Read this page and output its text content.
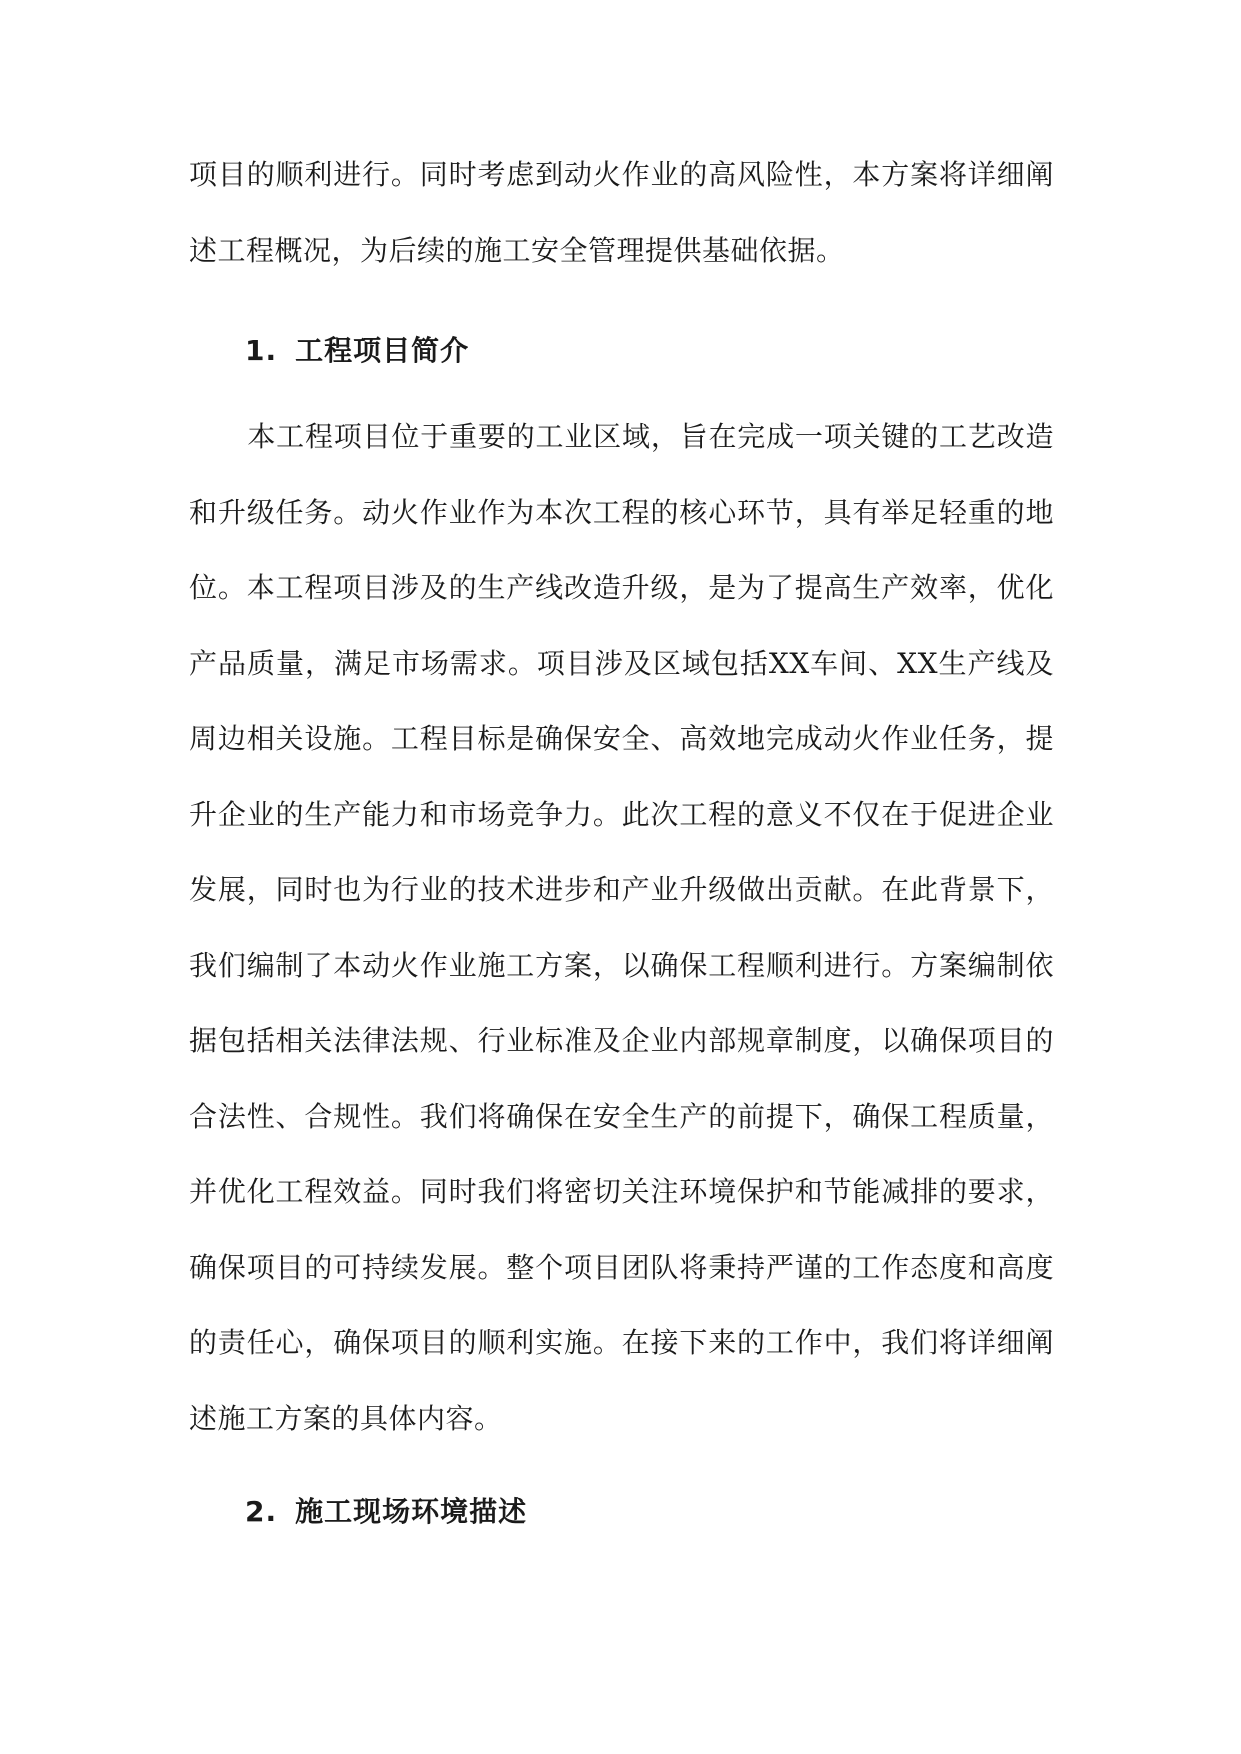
项目的顺利进行。同时考虑到动火作业的高风险性，本方案将详细阐述工程概况，为后续的施工安全管理提供基础依据。
1. 工程项目简介
本工程项目位于重要的工业区域，旨在完成一项关键的工艺改造和升级任务。动火作业作为本次工程的核心环节，具有举足轻重的地位。本工程项目涉及的生产线改造升级，是为了提高生产效率，优化产品质量，满足市场需求。项目涉及区域包括XX车间、XX生产线及周边相关设施。工程目标是确保安全、高效地完成动火作业任务，提升企业的生产能力和市场竞争力。此次工程的意义不仅在于促进企业发展，同时也为行业的技术进步和产业升级做出贡献。在此背景下，我们编制了本动火作业施工方案，以确保工程顺利进行。方案编制依据包括相关法律法规、行业标准及企业内部规章制度，以确保项目的合法性、合规性。我们将确保在安全生产的前提下，确保工程质量，并优化工程效益。同时我们将密切关注环境保护和节能减排的要求，确保项目的可持续发展。整个项目团队将秉持严谨的工作态度和高度的责任心，确保项目的顺利实施。在接下来的工作中，我们将详细阐述施工方案的具体内容。
2. 施工现场环境描述
